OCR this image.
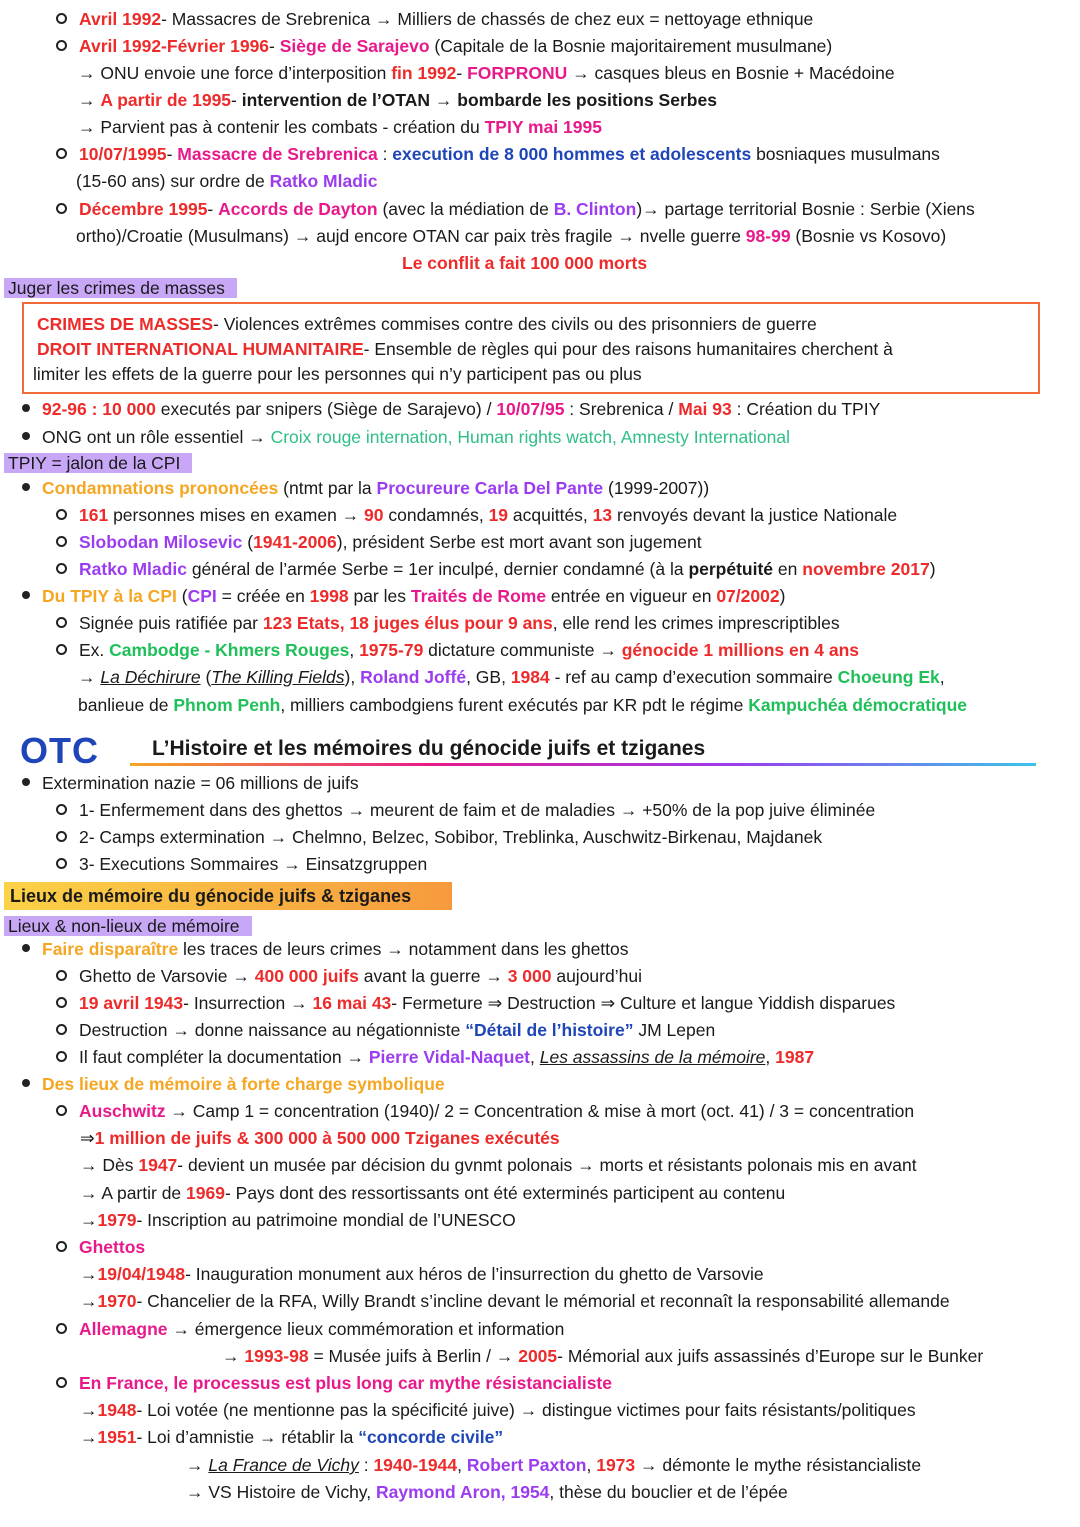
Avril 1992- Massacres de Srebrenica → Milliers de chassés de chez eux = nettoyage ethnique
Avril 1992-Février 1996- Siège de Sarajevo (Capitale de la Bosnie majoritairement musulmane)
→ ONU envoie une force d’interposition fin 1992- FORPRONU → casques bleus en Bosnie + Macédoine
→ A partir de 1995- intervention de l’OTAN → bombarde les positions Serbes
→ Parvient pas à contenir les combats - création du TPIY mai 1995
10/07/1995- Massacre de Srebrenica : execution de 8 000 hommes et adolescents bosniaques musulmans
(15-60 ans) sur ordre de Ratko Mladic
Décembre 1995- Accords de Dayton (avec la médiation de B. Clinton)→ partage territorial Bosnie : Serbie (Xiens
ortho)/Croatie (Musulmans) → aujd encore OTAN car paix très fragile → nvelle guerre 98-99 (Bosnie vs Kosovo)
Le conflit a fait 100 000 morts
Juger les crimes de masses
CRIMES DE MASSES- Violences extrêmes commises contre des civils ou des prisonniers de guerre
DROIT INTERNATIONAL HUMANITAIRE- Ensemble de règles qui pour des raisons humanitaires cherchent à
limiter les effets de la guerre pour les personnes qui n’y participent pas ou plus
92-96 : 10 000 executés par snipers (Siège de Sarajevo) / 10/07/95 : Srebrenica / Mai 93 : Création du TPIY
ONG ont un rôle essentiel → Croix rouge internation, Human rights watch, Amnesty International
TPIY = jalon de la CPI
Condamnations prononcées (ntmt par la Procureure Carla Del Pante (1999-2007))
161 personnes mises en examen → 90 condamnés, 19 acquittés, 13 renvoyés devant la justice Nationale
Slobodan Milosevic (1941-2006), président Serbe est mort avant son jugement
Ratko Mladic général de l’armée Serbe = 1er inculpé, dernier condamné (à la perpétuité en novembre 2017)
Du TPIY à la CPI (CPI = créée en 1998 par les Traités de Rome entrée en vigueur en 07/2002)
Signée puis ratifiée par 123 Etats, 18 juges élus pour 9 ans, elle rend les crimes imprescriptibles
Ex. Cambodge - Khmers Rouges, 1975-79 dictature communiste → génocide 1 millions en 4 ans
→ La Déchirure (The Killing Fields), Roland Joffé, GB, 1984 - ref au camp d’execution sommaire Choeung Ek,
banlieue de Phnom Penh, milliers cambodgiens furent exécutés par KR pdt le régime Kampuchéa démocratique
OTC	L’Histoire et les mémoires du génocide juifs et tziganes
Extermination nazie = 06 millions de juifs
1- Enfermement dans des ghettos → meurent de faim et de maladies → +50% de la pop juive éliminée
2- Camps extermination → Chelmno, Belzec, Sobibor, Treblinka, Auschwitz-Birkenau, Majdanek
3- Executions Sommaires → Einsatzgruppen
Lieux de mémoire du génocide juifs & tziganes
Lieux & non-lieux de mémoire
Faire disparaître les traces de leurs crimes → notamment dans les ghettos
Ghetto de Varsovie → 400 000 juifs avant la guerre → 3 000 aujourd’hui
19 avril 1943- Insurrection → 16 mai 43- Fermeture ⇒ Destruction ⇒ Culture et langue Yiddish disparues
Destruction → donne naissance au négationniste “Détail de l’histoire” JM Lepen
Il faut compléter la documentation → Pierre Vidal-Naquet, Les assassins de la mémoire, 1987
Des lieux de mémoire à forte charge symbolique
Auschwitz → Camp 1 = concentration (1940)/ 2 = Concentration & mise à mort (oct. 41) / 3 = concentration
⇒1 million de juifs & 300 000 à 500 000 Tziganes exécutés
→ Dès 1947- devient un musée par décision du gvnmt polonais → morts et résistants polonais mis en avant
→ A partir de 1969- Pays dont des ressortissants ont été exterminés participent au contenu
→1979- Inscription au patrimoine mondial de l’UNESCO
Ghettos
→19/04/1948- Inauguration monument aux héros de l’insurrection du ghetto de Varsovie
→1970- Chancelier de la RFA, Willy Brandt s’incline devant le mémorial et reconnaît la responsabilité allemande
Allemagne → émergence lieux commémoration et information
→ 1993-98 = Musée juifs à Berlin / → 2005- Mémorial aux juifs assassinés d’Europe sur le Bunker
En France, le processus est plus long car mythe résistancialiste
→1948- Loi votée (ne mentionne pas la spécificité juive) → distingue victimes pour faits résistants/politiques
→1951- Loi d’amnistie → rétablir la “concorde civile”
→ La France de Vichy : 1940-1944, Robert Paxton, 1973 → démonte le mythe résistancialiste
→ VS Histoire de Vichy, Raymond Aron, 1954, thèse du bouclier et de l’épée
